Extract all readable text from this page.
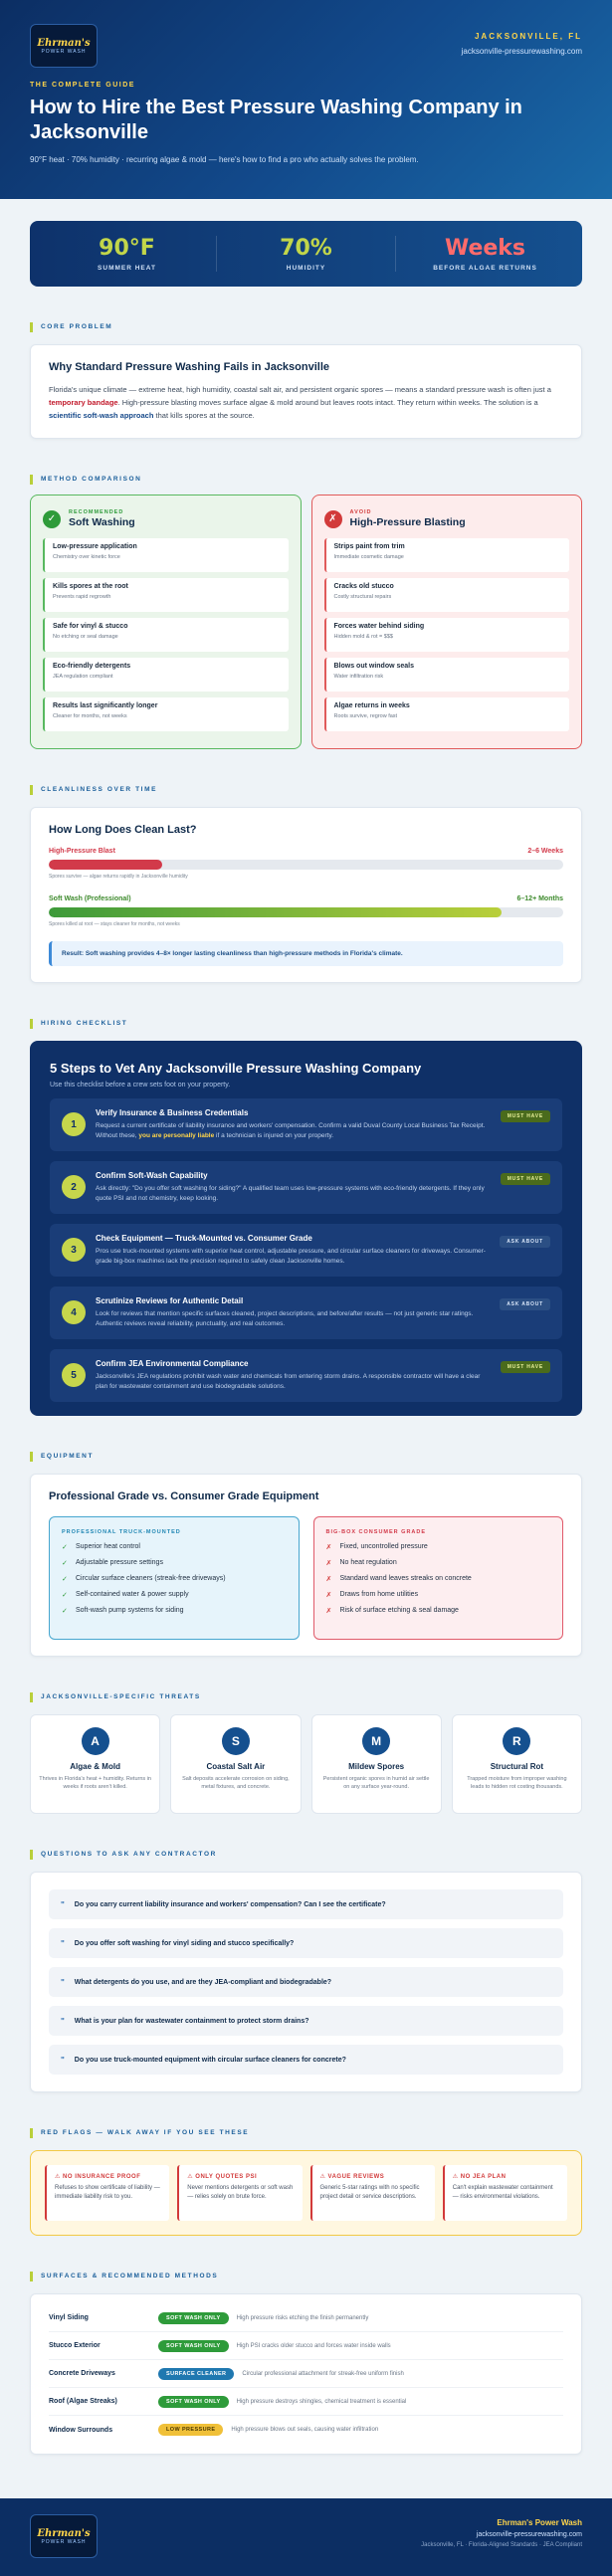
Ehrman's
POWER WASH
JACKSONVILLE, FL
jacksonville-pressurewashing.com
THE COMPLETE GUIDE
How to Hire the Best Pressure Washing Company in Jacksonville
90°F heat · 70% humidity · recurring algae & mold — here's how to find a pro who actually solves the problem.
90°F
SUMMER HEAT
70%
HUMIDITY
Weeks
BEFORE ALGAE RETURNS
CORE PROBLEM
Why Standard Pressure Washing Fails in Jacksonville
Florida's unique climate — extreme heat, high humidity, coastal salt air, and persistent organic spores — means a standard pressure wash is often just a temporary bandage. High-pressure blasting moves surface algae & mold around but leaves roots intact. They return within weeks. The solution is a scientific soft-wash approach that kills spores at the source.
METHOD COMPARISON
✓
RECOMMENDED
Soft Washing
Low-pressure application
Chemistry over kinetic force
Kills spores at the root
Prevents rapid regrowth
Safe for vinyl & stucco
No etching or seal damage
Eco-friendly detergents
JEA regulation compliant
Results last significantly longer
Cleaner for months, not weeks
✗
AVOID
High-Pressure Blasting
Strips paint from trim
Immediate cosmetic damage
Cracks old stucco
Costly structural repairs
Forces water behind siding
Hidden mold & rot = $$$
Blows out window seals
Water infiltration risk
Algae returns in weeks
Roots survive, regrow fast
CLEANLINESS OVER TIME
How Long Does Clean Last?
High-Pressure Blast	2–6 Weeks
Spores survive — algae returns rapidly in Jacksonville humidity
Soft Wash (Professional)	6–12+ Months
Spores killed at root — stays cleaner for months, not weeks
Result: Soft washing provides 4–8× longer lasting cleanliness than high-pressure methods in Florida's climate.
HIRING CHECKLIST
5 Steps to Vet Any Jacksonville Pressure Washing Company
Use this checklist before a crew sets foot on your property.
1
Verify Insurance & Business Credentials
Request a current certificate of liability insurance and workers' compensation. Confirm a valid Duval County Local Business Tax Receipt. Without these, you are personally liable if a technician is injured on your property.
MUST HAVE
2
Confirm Soft-Wash Capability
Ask directly: "Do you offer soft washing for siding?" A qualified team uses low-pressure systems with eco-friendly detergents. If they only quote PSI and not chemistry, keep looking.
MUST HAVE
3
Check Equipment — Truck-Mounted vs. Consumer Grade
Pros use truck-mounted systems with superior heat control, adjustable pressure, and circular surface cleaners for driveways. Consumer-grade big-box machines lack the precision required to safely clean Jacksonville homes.
ASK ABOUT
4
Scrutinize Reviews for Authentic Detail
Look for reviews that mention specific surfaces cleaned, project descriptions, and before/after results — not just generic star ratings. Authentic reviews reveal reliability, punctuality, and real outcomes.
ASK ABOUT
5
Confirm JEA Environmental Compliance
Jacksonville's JEA regulations prohibit wash water and chemicals from entering storm drains. A responsible contractor will have a clear plan for wastewater containment and use biodegradable solutions.
MUST HAVE
EQUIPMENT
Professional Grade vs. Consumer Grade Equipment
PROFESSIONAL TRUCK-MOUNTED
✓	Superior heat control
✓	Adjustable pressure settings
✓	Circular surface cleaners (streak-free driveways)
✓	Self-contained water & power supply
✓	Soft-wash pump systems for siding
BIG-BOX CONSUMER GRADE
✗	Fixed, uncontrolled pressure
✗	No heat regulation
✗	Standard wand leaves streaks on concrete
✗	Draws from home utilities
✗	Risk of surface etching & seal damage
JACKSONVILLE-SPECIFIC THREATS
A
Algae & Mold
Thrives in Florida's heat + humidity. Returns in weeks if roots aren't killed.
S
Coastal Salt Air
Salt deposits accelerate corrosion on siding, metal fixtures, and concrete.
M
Mildew Spores
Persistent organic spores in humid air settle on any surface year-round.
R
Structural Rot
Trapped moisture from improper washing leads to hidden rot costing thousands.
QUESTIONS TO ASK ANY CONTRACTOR
" Do you carry current liability insurance and workers' compensation? Can I see the certificate?
" Do you offer soft washing for vinyl siding and stucco specifically?
" What detergents do you use, and are they JEA-compliant and biodegradable?
" What is your plan for wastewater containment to protect storm drains?
" Do you use truck-mounted equipment with circular surface cleaners for concrete?
RED FLAGS — WALK AWAY IF YOU SEE THESE
⚠ NO INSURANCE PROOF
Refuses to show certificate of liability — immediate liability risk to you.
⚠ ONLY QUOTES PSI
Never mentions detergents or soft wash — relies solely on brute force.
⚠ VAGUE REVIEWS
Generic 5-star ratings with no specific project detail or service descriptions.
⚠ NO JEA PLAN
Can't explain wastewater containment — risks environmental violations.
SURFACES & RECOMMENDED METHODS
Vinyl Siding	SOFT WASH ONLY	High pressure risks etching the finish permanently
Stucco Exterior	SOFT WASH ONLY	High PSI cracks older stucco and forces water inside walls
Concrete Driveways	SURFACE CLEANER	Circular professional attachment for streak-free uniform finish
Roof (Algae Streaks)	SOFT WASH ONLY	High pressure destroys shingles, chemical treatment is essential
Window Surrounds	LOW PRESSURE	High pressure blows out seals, causing water infiltration
Ehrman's
POWER WASH
Ehrman's Power Wash
jacksonville-pressurewashing.com
Jacksonville, FL · Florida-Aligned Standards · JEA Compliant
